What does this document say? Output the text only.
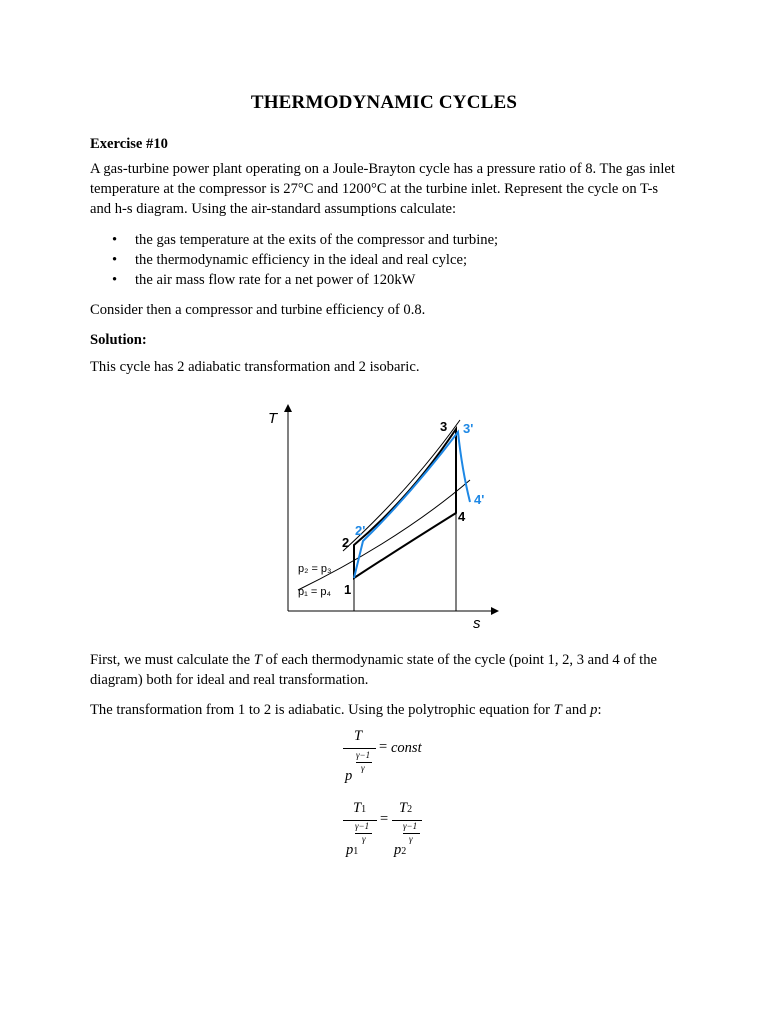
THERMODYNAMIC CYCLES
Exercise #10
A gas-turbine power plant operating on a Joule-Brayton cycle has a pressure ratio of 8. The gas inlet temperature at the compressor is 27°C and 1200°C at the turbine inlet. Represent the cycle on T-s and h-s diagram. Using the air-standard assumptions calculate:
• the gas temperature at the exits of the compressor and turbine;
• the thermodynamic efficiency in the ideal and real cylce;
• the air mass flow rate for a net power of 120kW
Consider then a compressor and turbine efficiency of 0.8.
Solution:
This cycle has 2 adiabatic transformation and 2 isobaric.
T
s
3 3'
4'
4
2'
2
1
p₂ = p₃
p₁ = p₄
First, we must calculate the T of each thermodynamic state of the cycle (point 1, 2, 3 and 4 of the diagram) both for ideal and real transformation.
The transformation from 1 to 2 is adiabatic. Using the polytrophic equation for T and p:
T
= const
p
γ−1
γ
T1
γ−1
p1
γ
=
T2
γ−1
p2
γ
